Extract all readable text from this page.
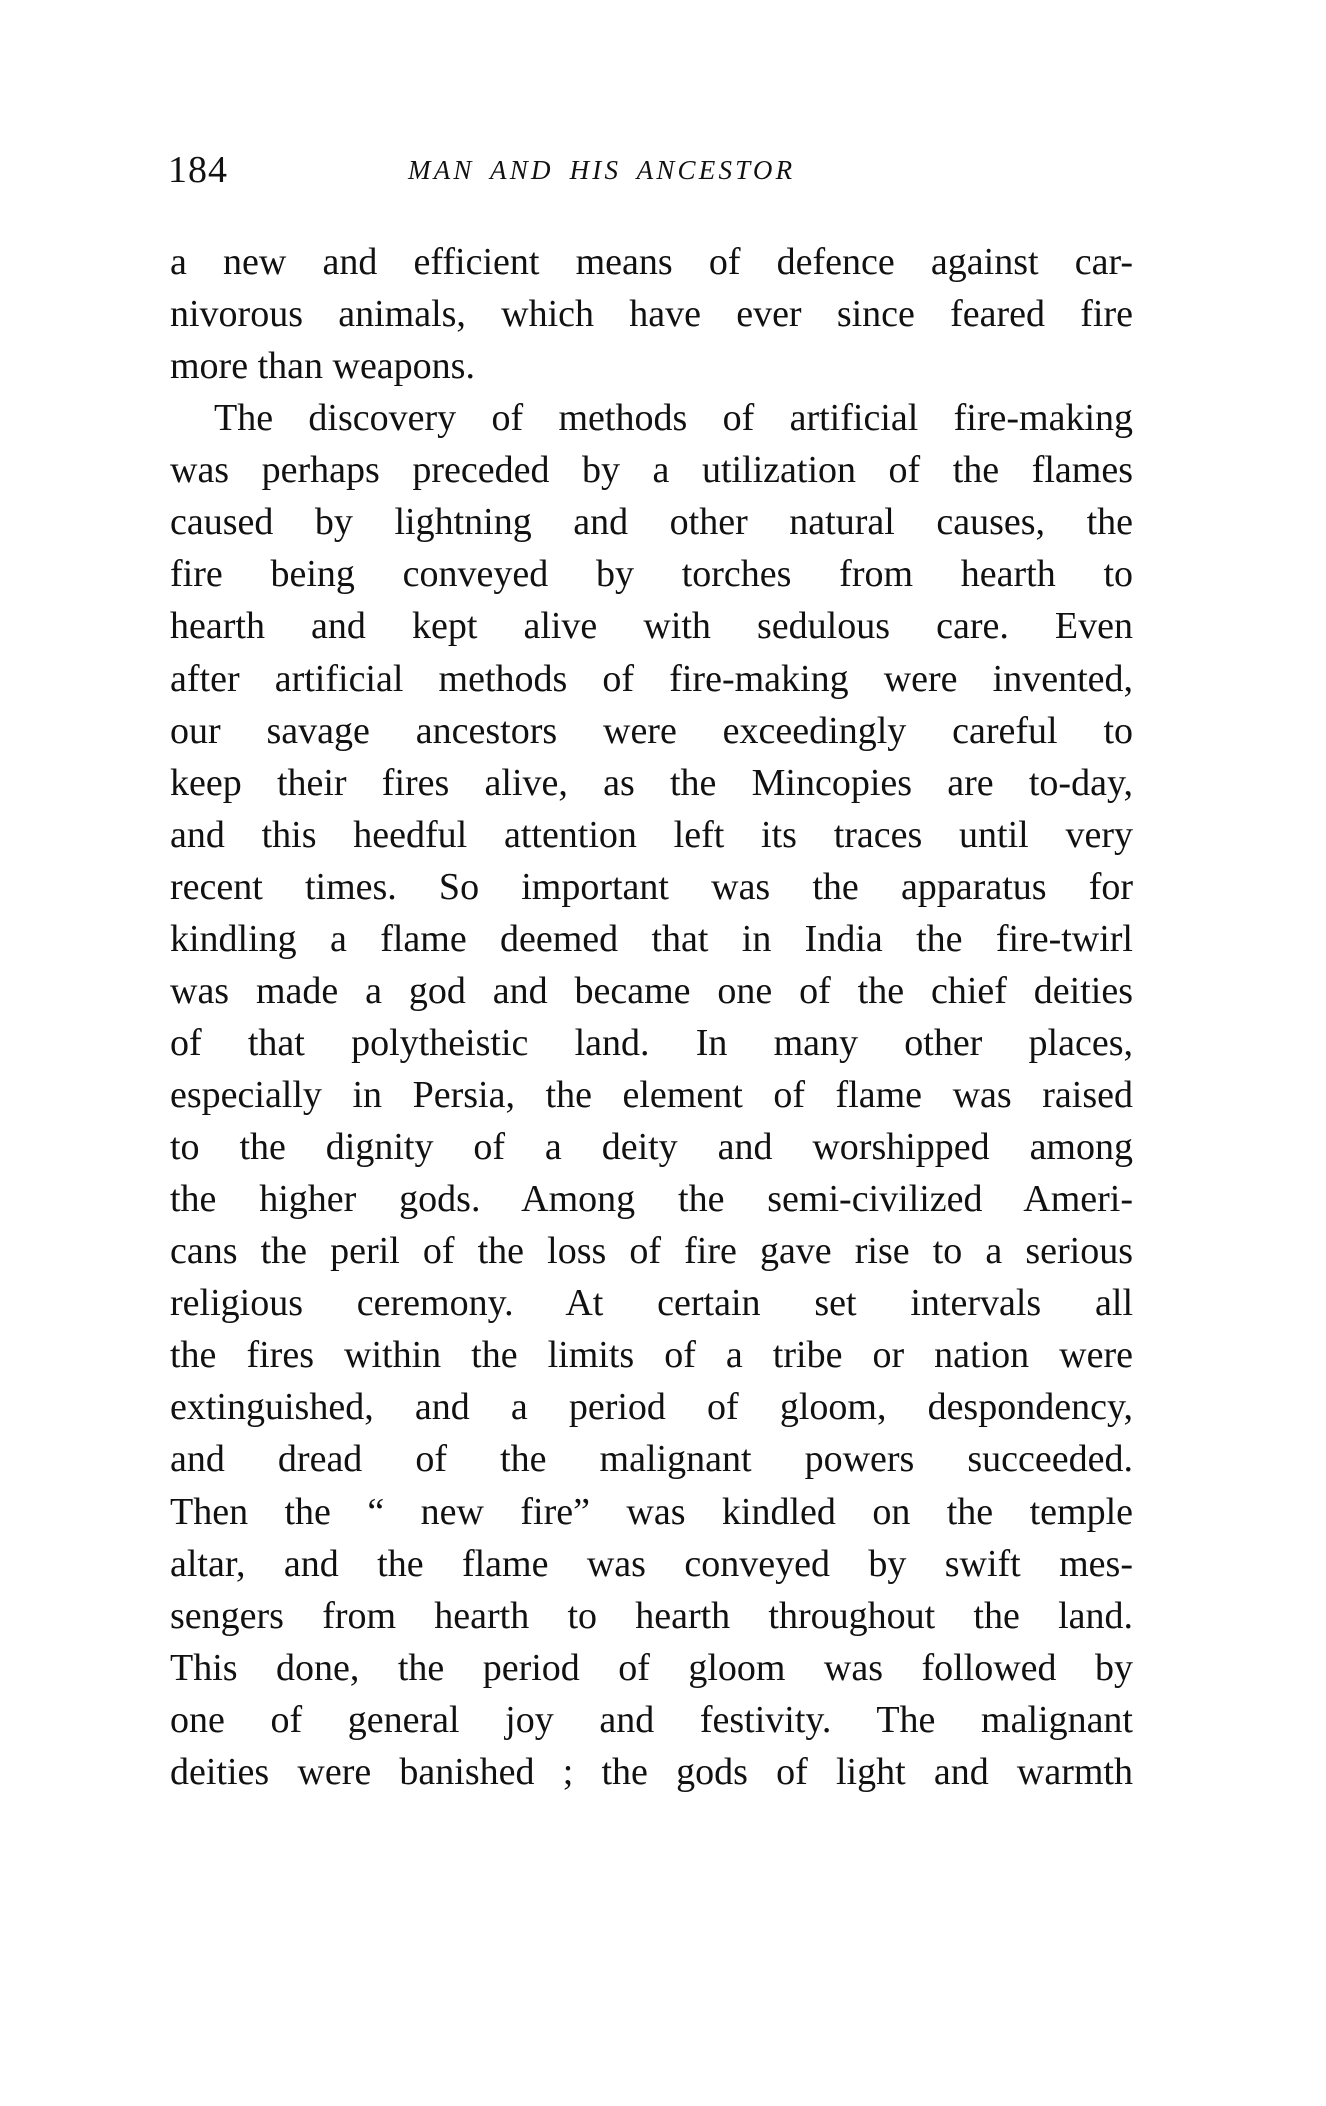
184	MAN AND HIS ANCESTOR
a new and efficient means of defence against car-
nivorous animals, which have ever since feared fire
more than weapons.
The discovery of methods of artificial fire-making
was perhaps preceded by a utilization of the flames
caused by lightning and other natural causes, the
fire being conveyed by torches from hearth to
hearth and kept alive with sedulous care. Even
after artificial methods of fire-making were invented,
our savage ancestors were exceedingly careful to
keep their fires alive, as the Mincopies are to-day,
and this heedful attention left its traces until very
recent times. So important was the apparatus for
kindling a flame deemed that in India the fire-twirl
was made a god and became one of the chief deities
of that polytheistic land. In many other places,
especially in Persia, the element of flame was raised
to the dignity of a deity and worshipped among
the higher gods. Among the semi-civilized Ameri-
cans the peril of the loss of fire gave rise to a serious
religious ceremony. At certain set intervals all
the fires within the limits of a tribe or nation were
extinguished, and a period of gloom, despondency,
and dread of the malignant powers succeeded.
Then the “ new fire” was kindled on the temple
altar, and the flame was conveyed by swift mes-
sengers from hearth to hearth throughout the land.
This done, the period of gloom was followed by
one of general joy and festivity. The malignant
deities were banished ; the gods of light and warmth
